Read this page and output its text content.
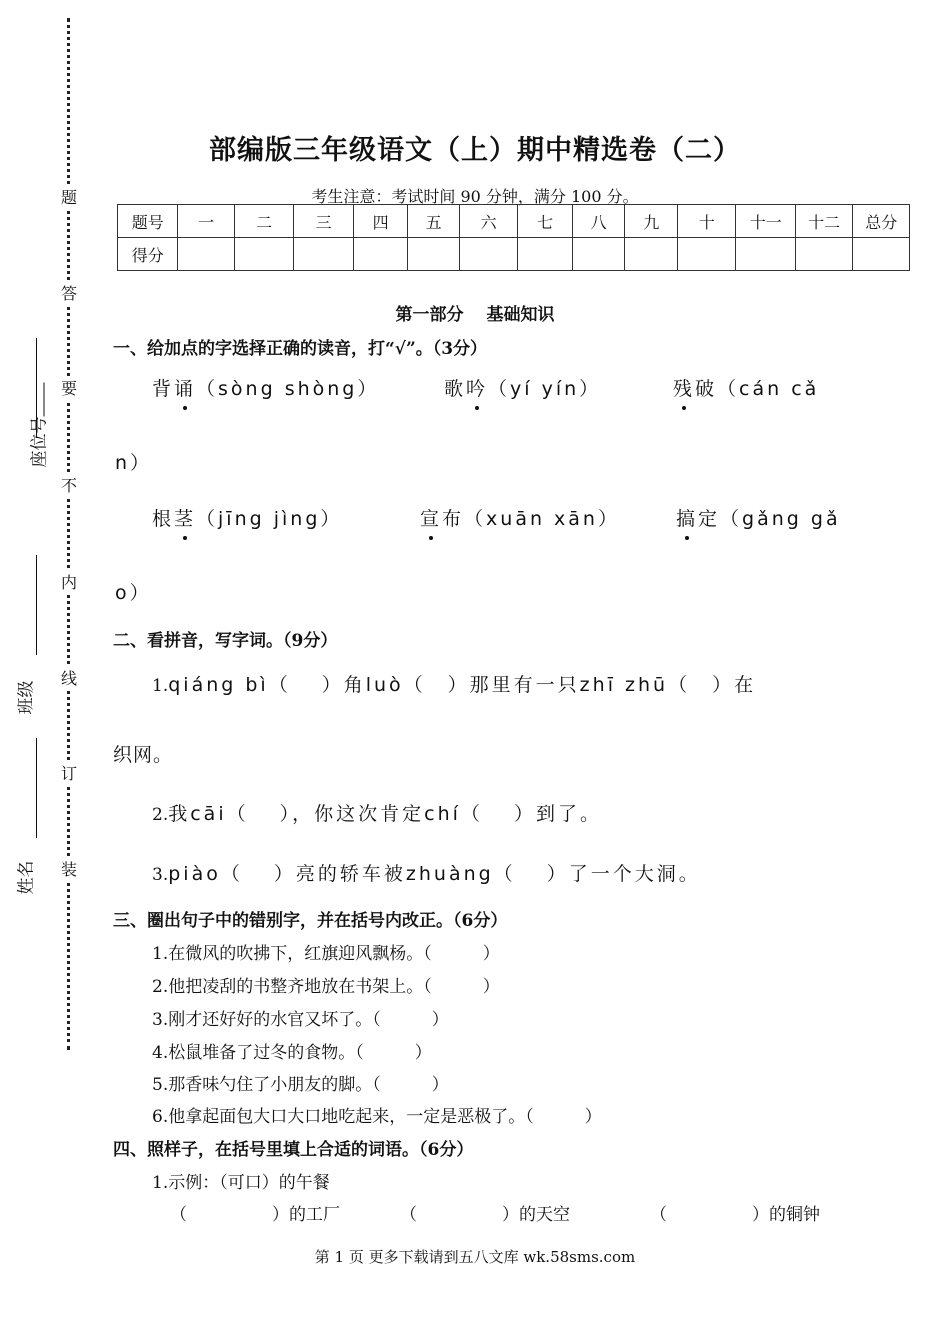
题
答
要
不
内
线
订
装
座位号
班级
姓名
部编版三年级语文（上）期中精选卷（二）
考生注意：考试时间 90 分钟，满分 100 分。
题号	一	二	三	四	五	六	七	八	九	十	十一	十二	总分
得分													
第一部分　 基础知识
一、给加点的字选择正确的读音，打“√”。（3分）
背诵（sòng shòng）	歌吟（yí yín）	残破（cán cǎ
n）
根茎（jīng jìng）	宣布（xuān xān）	搞定（gǎng gǎ
o）
二、看拼音，写字词。（9分）
1.qiáng bì（　 ）角luò（　）那里有一只zhī zhū（　）在
织网。
2.我cāi（　 ），你这次肯定chí（　 ）到了。
3.piào（　 ）亮的轿车被zhuàng（　 ）了一个大洞。
三、圈出句子中的错别字，并在括号内改正。（6分）
1.在微风的吹拂下，红旗迎风飘杨。（　　　）
2.他把凌刮的书整齐地放在书架上。（　　　）
3.刚才还好好的水官又坏了。（　　　）
4.松鼠堆备了过冬的食物。（　　　）
5.那香味勺住了小朋友的脚。（　　　）
6.他拿起面包大口大口地吃起来，一定是恶极了。（　　　）
四、照样子，在括号里填上合适的词语。（6分）
1.示例：（可口）的午餐
（　　　　　）的工厂	（　　　　　）的天空	（　　　　　）的铜钟
第 1 页 更多下载请到五八文库 wk.58sms.com
